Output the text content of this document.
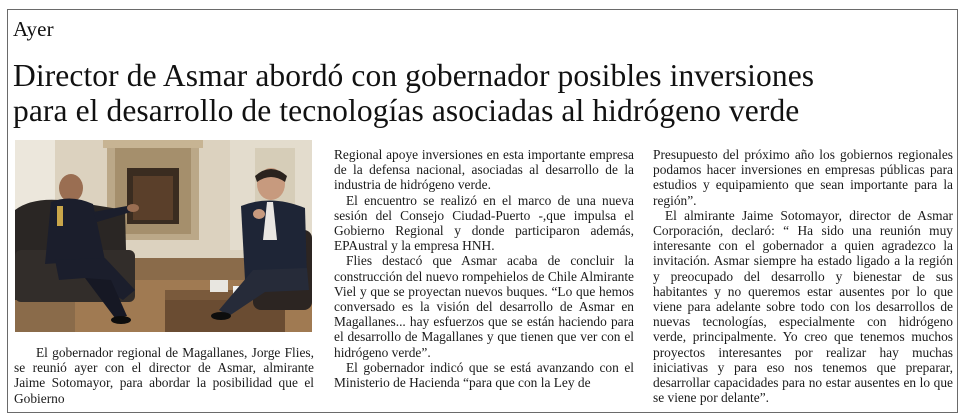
Ayer
Director de Asmar abordó con gobernador posibles inversiones
para el desarrollo de tecnologías asociadas al hidrógeno verde
El gobernador regional de Magallanes, Jorge Flies, se reunió ayer con el director de Asmar, almirante Jaime Sotomayor, para abordar la posibilidad que el Gobierno

Regional apoye inversiones en esta importante empresa de la defensa nacional, asociadas al desarrollo de la industria de hidrógeno verde.

El encuentro se realizó en el marco de una nueva sesión del Consejo Ciudad-Puerto -,que impulsa el Gobierno Regional y donde participaron además, EPAustral y la empresa HNH.

Flies destacó que Asmar acaba de concluir la construcción del nuevo rompehielos de Chile Almirante Viel y que se proyectan nuevos buques. “Lo que hemos conversado es la visión del desarrollo de Asmar en Magallanes... hay esfuerzos que se están haciendo para el desarrollo de Magallanes y que tienen que ver con el hidrógeno verde”.

El gobernador indicó que se está avanzando con el Ministerio de Hacienda “para que con la Ley de

Presupuesto del próximo año los gobiernos regionales podamos hacer inversiones en empresas públicas para estudios y equipamiento que sean importante para la región”.

El almirante Jaime Sotomayor, director de Asmar Corporación, declaró: “ Ha sido una reunión muy interesante con el gobernador a quien agradezco la invitación. Asmar siempre ha estado ligado a la región y preocupado del desarrollo y bienestar de sus habitantes y no queremos estar ausentes por lo que viene para adelante sobre todo con los desarrollos de nuevas tecnologías, especialmente con hidrógeno verde, principalmente. Yo creo que tenemos muchos proyectos interesantes por realizar hay muchas iniciativas y para eso nos tenemos que preparar, desarrollar capacidades para no estar ausentes en lo que se viene por delante”.
